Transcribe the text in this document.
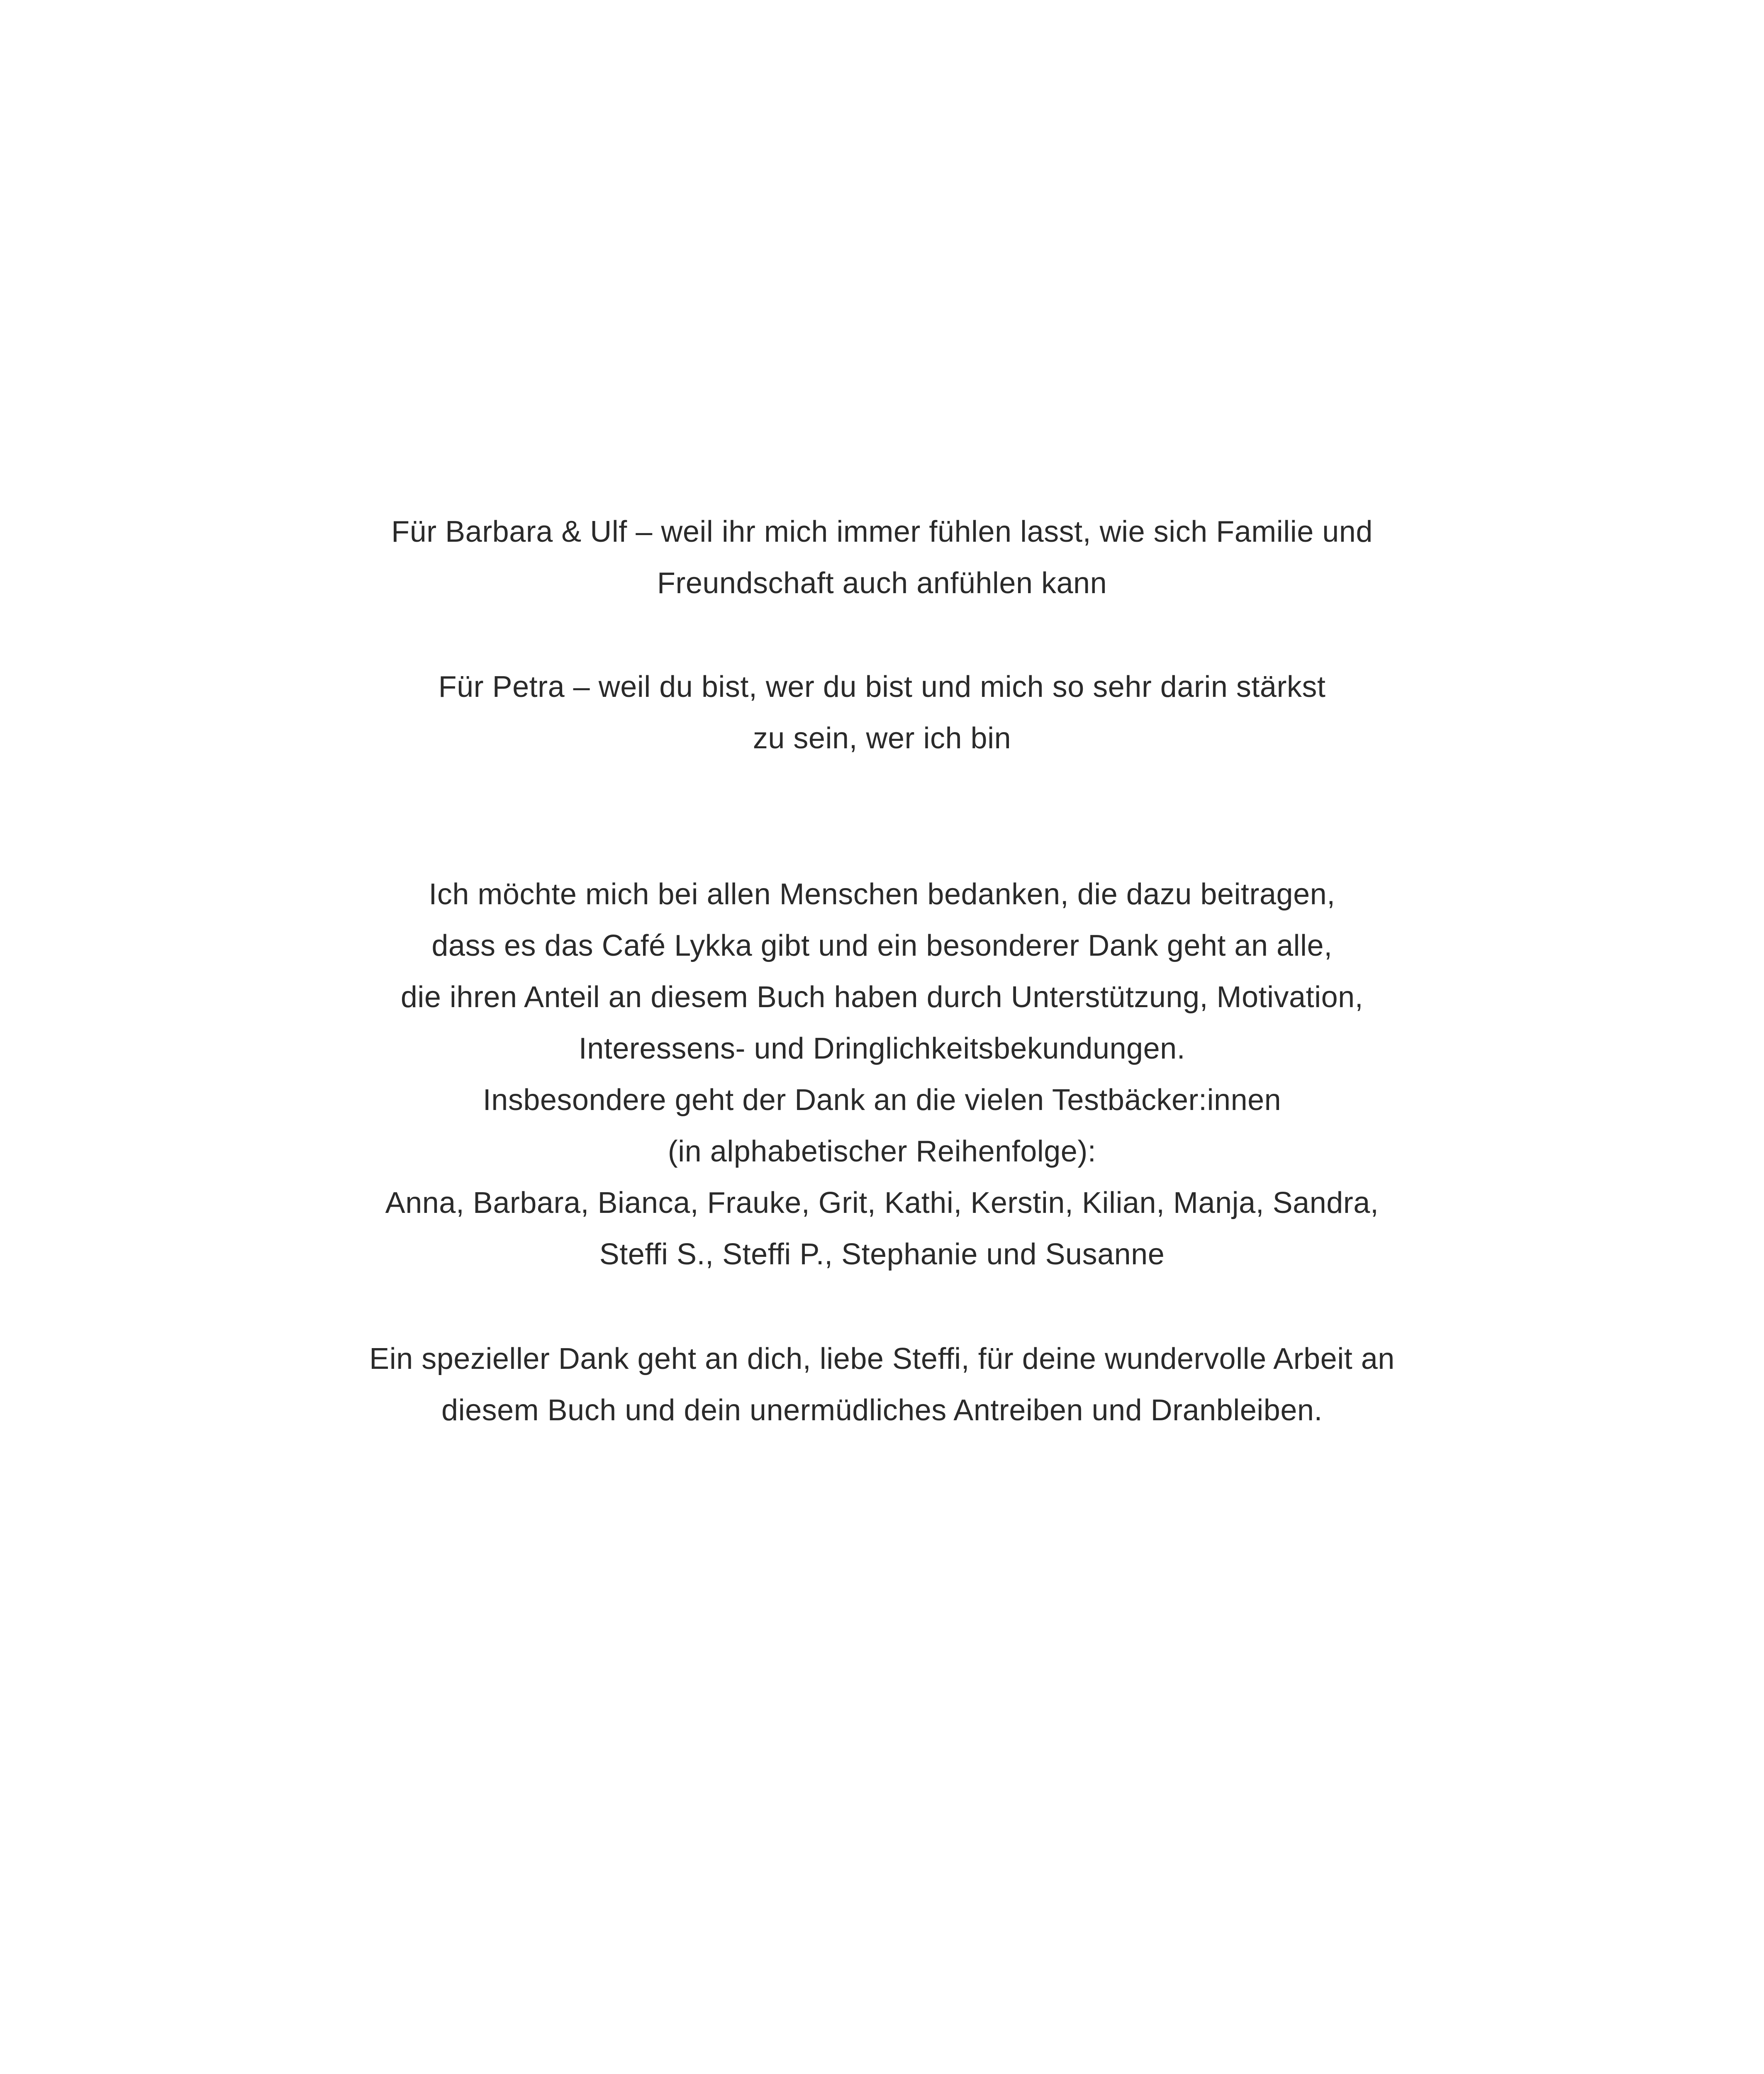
Für Barbara & Ulf – weil ihr mich immer fühlen lasst, wie sich Familie und
Freundschaft auch anfühlen kann
Für Petra – weil du bist, wer du bist und mich so sehr darin stärkst
zu sein, wer ich bin
Ich möchte mich bei allen Menschen bedanken, die dazu beitragen,
dass es das Café Lykka gibt und ein besonderer Dank geht an alle,
die ihren Anteil an diesem Buch haben durch Unterstützung, Motivation,
Interessens- und Dringlichkeitsbekundungen.
Insbesondere geht der Dank an die vielen Testbäcker:innen
(in alphabetischer Reihenfolge):
Anna, Barbara, Bianca, Frauke, Grit, Kathi, Kerstin, Kilian, Manja, Sandra,
Steffi S., Steffi P., Stephanie und Susanne
Ein spezieller Dank geht an dich, liebe Steffi, für deine wundervolle Arbeit an
diesem Buch und dein unermüdliches Antreiben und Dranbleiben.
